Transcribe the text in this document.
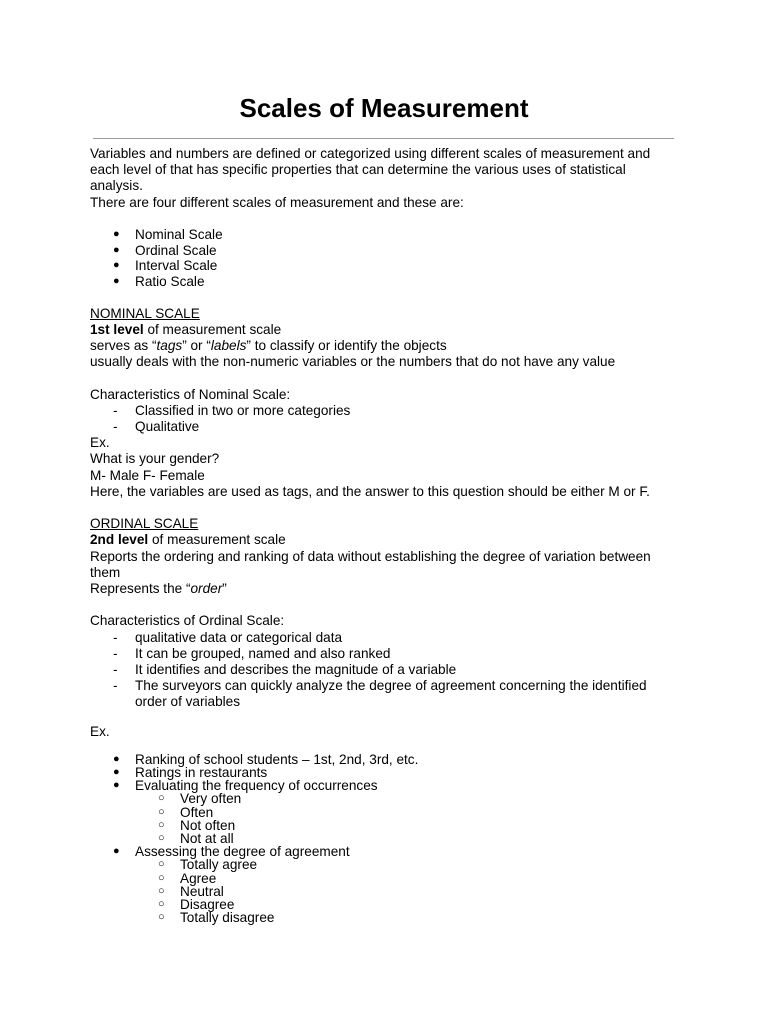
Scales of Measurement
Variables and numbers are defined or categorized using different scales of measurement and each level of that has specific properties that can determine the various uses of statistical analysis.
There are four different scales of measurement and these are:
● Nominal Scale
● Ordinal Scale
● Interval Scale
● Ratio Scale
NOMINAL SCALE
1st level of measurement scale
serves as “tags” or “labels” to classify or identify the objects
usually deals with the non-numeric variables or the numbers that do not have any value
Characteristics of Nominal Scale:
- Classified in two or more categories
- Qualitative
Ex.
What is your gender?
M- Male F- Female
Here, the variables are used as tags, and the answer to this question should be either M or F.
ORDINAL SCALE
2nd level of measurement scale
Reports the ordering and ranking of data without establishing the degree of variation between them
Represents the “order”
Characteristics of Ordinal Scale:
- qualitative data or categorical data
- It can be grouped, named and also ranked
- It identifies and describes the magnitude of a variable
- The surveyors can quickly analyze the degree of agreement concerning the identified order of variables
Ex.
● Ranking of school students – 1st, 2nd, 3rd, etc.
● Ratings in restaurants
● Evaluating the frequency of occurrences
○ Very often
○ Often
○ Not often
○ Not at all
● Assessing the degree of agreement
○ Totally agree
○ Agree
○ Neutral
○ Disagree
○ Totally disagree
